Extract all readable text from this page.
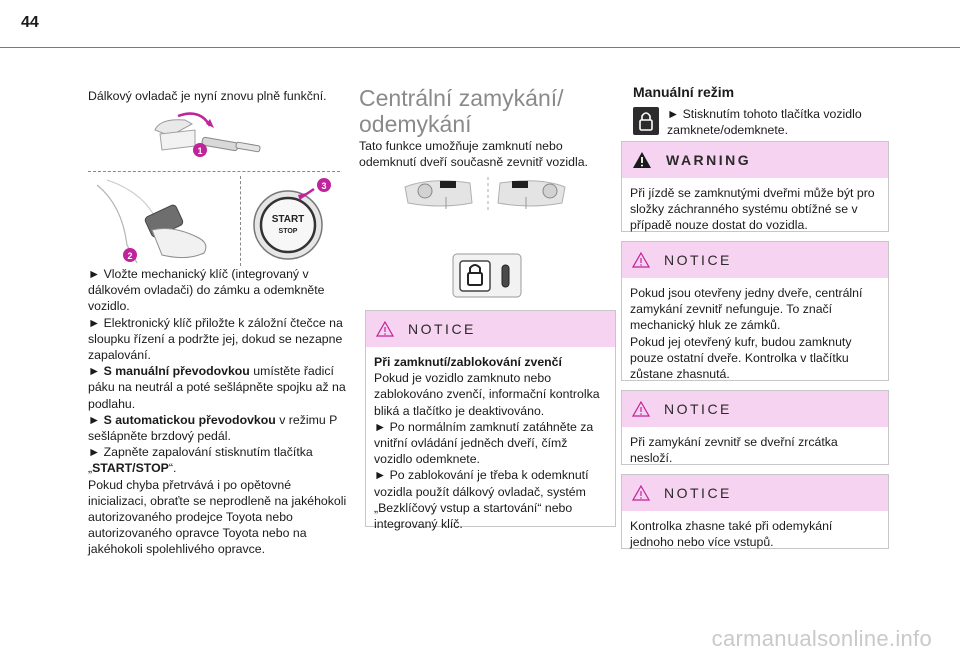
44

Dálkový ovladač je nyní znovu plně funkční.

1
2
START
STOP
3

► Vložte mechanický klíč (integrovaný v dálkovém ovladači) do zámku a odemkněte vozidlo.

► Elektronický klíč přiložte k záložní čtečce na sloupku řízení a podržte jej, dokud se nezapne zapalování.

► S manuální převodovkou umístěte řadicí páku na neutrál a poté sešlápněte spojku až na podlahu.

► S automatickou převodovkou v režimu P sešlápněte brzdový pedál.

► Zapněte zapalování stisknutím tlačítka „START/STOP“.

Pokud chyba přetrvává i po opětovné inicializaci, obraťte se neprodleně na jakéhokoli autorizovaného prodejce Toyota nebo autorizovaného opravce Toyota nebo na jakéhokoli spolehlivého opravce.

Centrální zamykání/
odemykání

Tato funkce umožňuje zamknutí nebo odemknutí dveří současně zevnitř vozidla.

NOTICE

Při zamknutí/zablokování zvenčí

Pokud je vozidlo zamknuto nebo zablokováno zvenčí, informační kontrolka bliká a tlačítko je deaktivováno.

► Po normálním zamknutí zatáhněte za vnitřní ovládání jedněch dveří, čímž vozidlo odemknete.

► Po zablokování je třeba k odemknutí vozidla použít dálkový ovladač, systém „Bezklíčový vstup a startování“ nebo integrovaný klíč.

Manuální režim

► Stisknutím tohoto tlačítka vozidlo zamknete/odemknete.

WARNING

Při jízdě se zamknutými dveřmi může být pro složky záchranného systému obtížné se v případě nouze dostat do vozidla.

NOTICE

Pokud jsou otevřeny jedny dveře, centrální zamykání zevnitř nefunguje. To značí mechanický hluk ze zámků.

Pokud jej otevřený kufr, budou zamknuty pouze ostatní dveře. Kontrolka v tlačítku zůstane zhasnutá.

NOTICE

Při zamykání zevnitř se dveřní zrcátka nesloží.

NOTICE

Kontrolka zhasne také při odemykání jednoho nebo více vstupů.

carmanualsonline.info
